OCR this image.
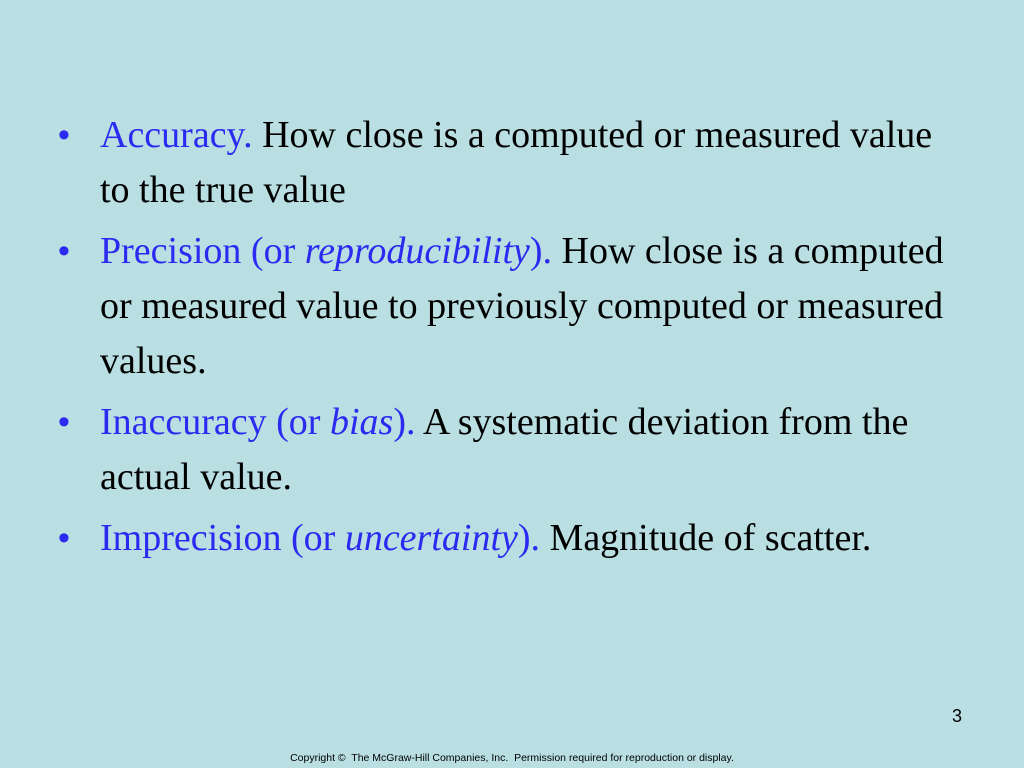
• Accuracy. How close is a computed or measured value to the true value
• Precision (or reproducibility). How close is a computed or measured value to previously computed or measured values.
• Inaccuracy (or bias). A systematic deviation from the actual value.
• Imprecision (or uncertainty). Magnitude of scatter.
3
Copyright ©  The McGraw-Hill Companies, Inc.  Permission required for reproduction or display.
